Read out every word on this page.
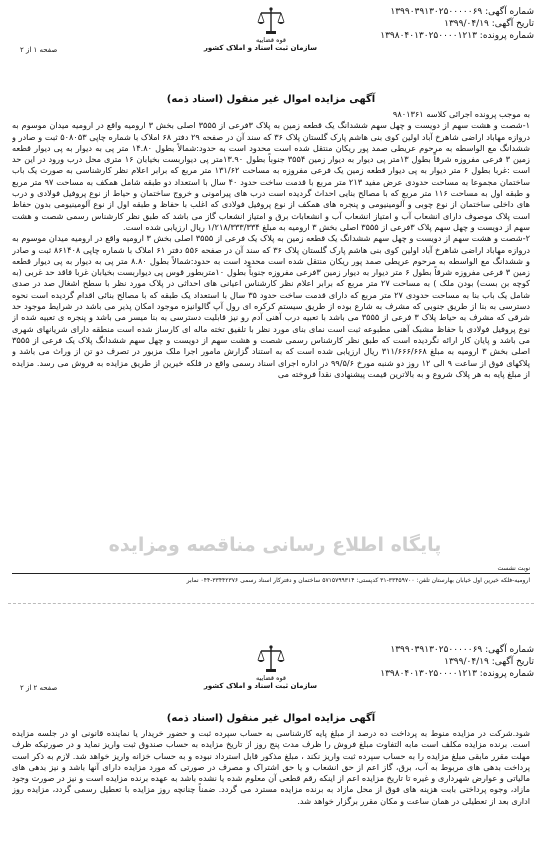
شماره آگهی: ۱۳۹۹۰۳۹۱۳۰۲۵۰۰۰۰۰۶۹
تاریخ آگهی: ۱۳۹۹/۰۴/۱۹
شماره پرونده: ۱۳۹۸۰۴۰۱۳۰۲۵۰۰۰۰۱۲۱۳
قوه قضاییه
سازمان ثبت اسناد و املاک کشور
صفحه ۱ از ۲
آگهی مزایده اموال غیر منقول (اسناد ذمه)

به موجب پرونده اجرائی کلاسه ۹۸۰۱۳۶۱

۱-شصت و هشت سهم از دویست و چهل سهم ششدانگ یک قطعه زمین به پلاک ۳فرعی از ۳۵۵۵ اصلی بخش ۳ ارومیه واقع در ارومیه میدان موسوم به دروازه مهاباد اراضی شاهرخ آباد اولین کوی بنی هاشم پارک گلستان پلاک ۳۶ که سند آن در صفحه ۲۹ دفتر ۶۸ املاک با شماره چاپی ۵۰۸۰۵۳ ثبت و صادر و ششدانگ مع الواسطه به مرحوم عریطی صمد پور ریکان منتقل شده است محدود است به حدود:شمالاً بطول ۱۴.۸۰ متر پی به دیوار به پی دیوار قطعه زمین ۳ فرعی مفروزه شرقاً بطول ۱۳متر پی دیوار به دیوار زمین ۳۵۵۴ جنوباً بطول ۱۳.۹۰متر پی دیواربست بخیابان ۱۶ متری محل درب ورود در این حد است :غربا بطول ۶ متر دیوار به پی دیوار قطعه زمین یک فرعی مفروزه به مساحت ۱۳۱/۶۲ متر مربع که برابر اعلام نظر کارشناسی به صورت یک باب ساختمان مجموعا به مساحت حدودی عرض مفید ۲۱۳ متر مربع با قدمت ساخت حدود ۴۰ سال با استعداد دو طبقه شامل همکف به مساحت ۹۷ متر مربع و طبقه اول به مساحت ۱۱۶ متر مربع که با مصالح بنایی احداث گردیده است درب های پیرامونی و خروج ساختمان و حیاط از نوع پروفیل فولادی و درب های داخلی ساختمان از نوع چوبی و آلومینیومی و پنجره های همکف از نوع پروفیل فولادی که اغلب با حفاظ و طبقه اول از نوع آلومینیومی بدون حفاظ است پلاک موصوف دارای انشعاب آب و امتیاز انشعاب آب و انشعابات برق و امتیاز انشعاب گاز می باشد که طبق نظر کارشناس رسمی شصت و هشت سهم از دویست و چهل سهم پلاک ۳فرعی از ۳۵۵۵ اصلی بخش ۳ ارومیه به مبلغ ۱/۲۱۸/۳۳۳/۳۳۴ ریال ارزیابی شده است.

۲-شصت و هشت سهم از دویست و چهل سهم ششدانگ یک قطعه زمین به پلاک یک فرعی از ۳۵۵۵ اصلی بخش ۳ ارومیه واقع در ارومیه میدان موسوم به دروازه مهاباد اراضی شاهرخ آباد اولین کوی بنی هاشم پارک گلستان پلاک ۳۶ که سند آن در صفحه ۵۵۶ دفتر ۶۱ املاک با شماره چاپی ۸۶۱۴۰۸ ثبت و صادر و ششدانگ مع الواسطه به مرحوم عریطی صمد پور ریکان منتقل شده است محدود است به حدود:شمالاً بطول ۸.۸۰ متر پی به دیوار به پی دیوار قطعه زمین ۳ فرعی مفروزه شرقاً بطول ۶ متر دیوار به دیوار زمین ۳فرعی مفروزه جنوباً بطول ۱۰متربطور قوس پی دیواربست بخیابان غربا فاقد حد غربی (به کوچه بن بست) بودن ملک ) به مساحت ۲۷ متر مربع که برابر اعلام نظر کارشناس اعیانی های احداثی در پلاک مورد نظر با سطح اشغال صد در صدی شامل یک باب بنا به مساحت حدودی ۲۷ متر مربع که دارای قدمت ساخت حدود ۳۵ سال با استعداد یک طبقه که با مصالح بنائی اقدام گردیده است نحوه دسترسی به بنا از طریق جنوبی که مشرف به شارع بوده از طریق سیستم کرکره ای رول آپ گالوانیزه موجود امکان پذیر می باشد در شرایط موجود حد شرقی که مشرف به حیاط پلاک ۳ فرعی از ۳۵۵۵ می باشد با تعبیه درب آهنی آدم رو نیز قابلیت دسترسی به بنا میسر می باشد و پنجره ی تعبیه شده از نوع پروفیل فولادی با حفاظ مشبک آهنی مطبوعه ثبت است نمای بنای مورد نظر با تلفیق تخته ماله ای کارساز شده است منطقه دارای شریانهای شهری می باشد و پایان کار ارائه نگردیده است که طبق نظر کارشناس رسمی شصت و هشت سهم از دویست و چهل سهم ششدانگ پلاک یک فرعی از ۳۵۵۵ اصلی بخش ۳ ارومیه به مبلغ ۳۱۱/۶۶۶/۶۶۸ ریال ارزیابی شده است که به استناد گزارش مامور اجرا ملک مزبور در تصرف دو تن از وراث می باشد و پلاکهای فوق از ساعت ۹ الی ۱۲ روز دو شنبه مورخ ۹۹/۵/۶ در اداره اجرای اسناد رسمی واقع در فلکه خیرین از طریق مزایده به فروش می رسد. مزایده از مبلغ پایه به هر پلاک شروع و به بالاترین قیمت پیشنهادی نقداً فروخته می

پایگاه اطلاع رسانی مناقصه ومزایده
نوبت نشست
ارومیه-فلکه خیرین اول خیابان بهارستان تلفن: ۳۳۴۵۹۷۰۰-۳۱ کدپستی: ۵۷۱۵۷۹۹۳۱۴ ساختمان و دفترکار اسناد رسمی ۳۳۴۴۲۳۷۶-۰۴۴ نمابر
شماره آگهی: ۱۳۹۹۰۳۹۱۳۰۲۵۰۰۰۰۰۶۹
تاریخ آگهی: ۱۳۹۹/۰۴/۱۹
شماره پرونده: ۱۳۹۸۰۴۰۱۳۰۲۵۰۰۰۰۱۲۱۳
قوه قضاییه
سازمان ثبت اسناد و املاک کشور
صفحه ۲ از ۲
آگهی مزایده اموال غیر منقول (اسناد ذمه)

شود.شرکت در مزایده منوط به پرداخت ده درصد از مبلغ پایه کارشناسی به حساب سپرده ثبت و حضور خریدار یا نماینده قانونی او در جلسه مزایده است. برنده مزایده مکلف است مابه التفاوت مبلغ فروش را ظرف مدت پنج روز از تاریخ مزایده به حساب صندوق ثبت واریز نماید و در صورتیکه ظرف مهلت مقرر مابقی مبلغ مزایده را به حساب سپرده ثبت واریز نکند ، مبلغ مذکور قابل استرداد نبوده و به حساب خزانه واریز خواهد شد. لازم به ذکر است پرداخت بدهی های مربوط به آب، برق، گاز اعم از حق انشعاب و یا حق اشتراک و مصرف در صورتی که مورد مزایده دارای آنها باشد و نیز بدهی های مالیاتی و عوارض شهرداری و غیره تا تاریخ مزایده اعم از اینکه رقم قطعی آن معلوم شده یا نشده باشد به عهده برنده مزایده است و نیز در صورت وجود مازاد، وجوه پرداختی بابت هزینه های فوق از محل مازاد به برنده مزایده مسترد می گردد. ضمناً چنانچه روز مزایده با تعطیل رسمی گردد، مزایده روز اداری بعد از تعطیلی در همان ساعت و مکان مقرر برگزار خواهد شد.
